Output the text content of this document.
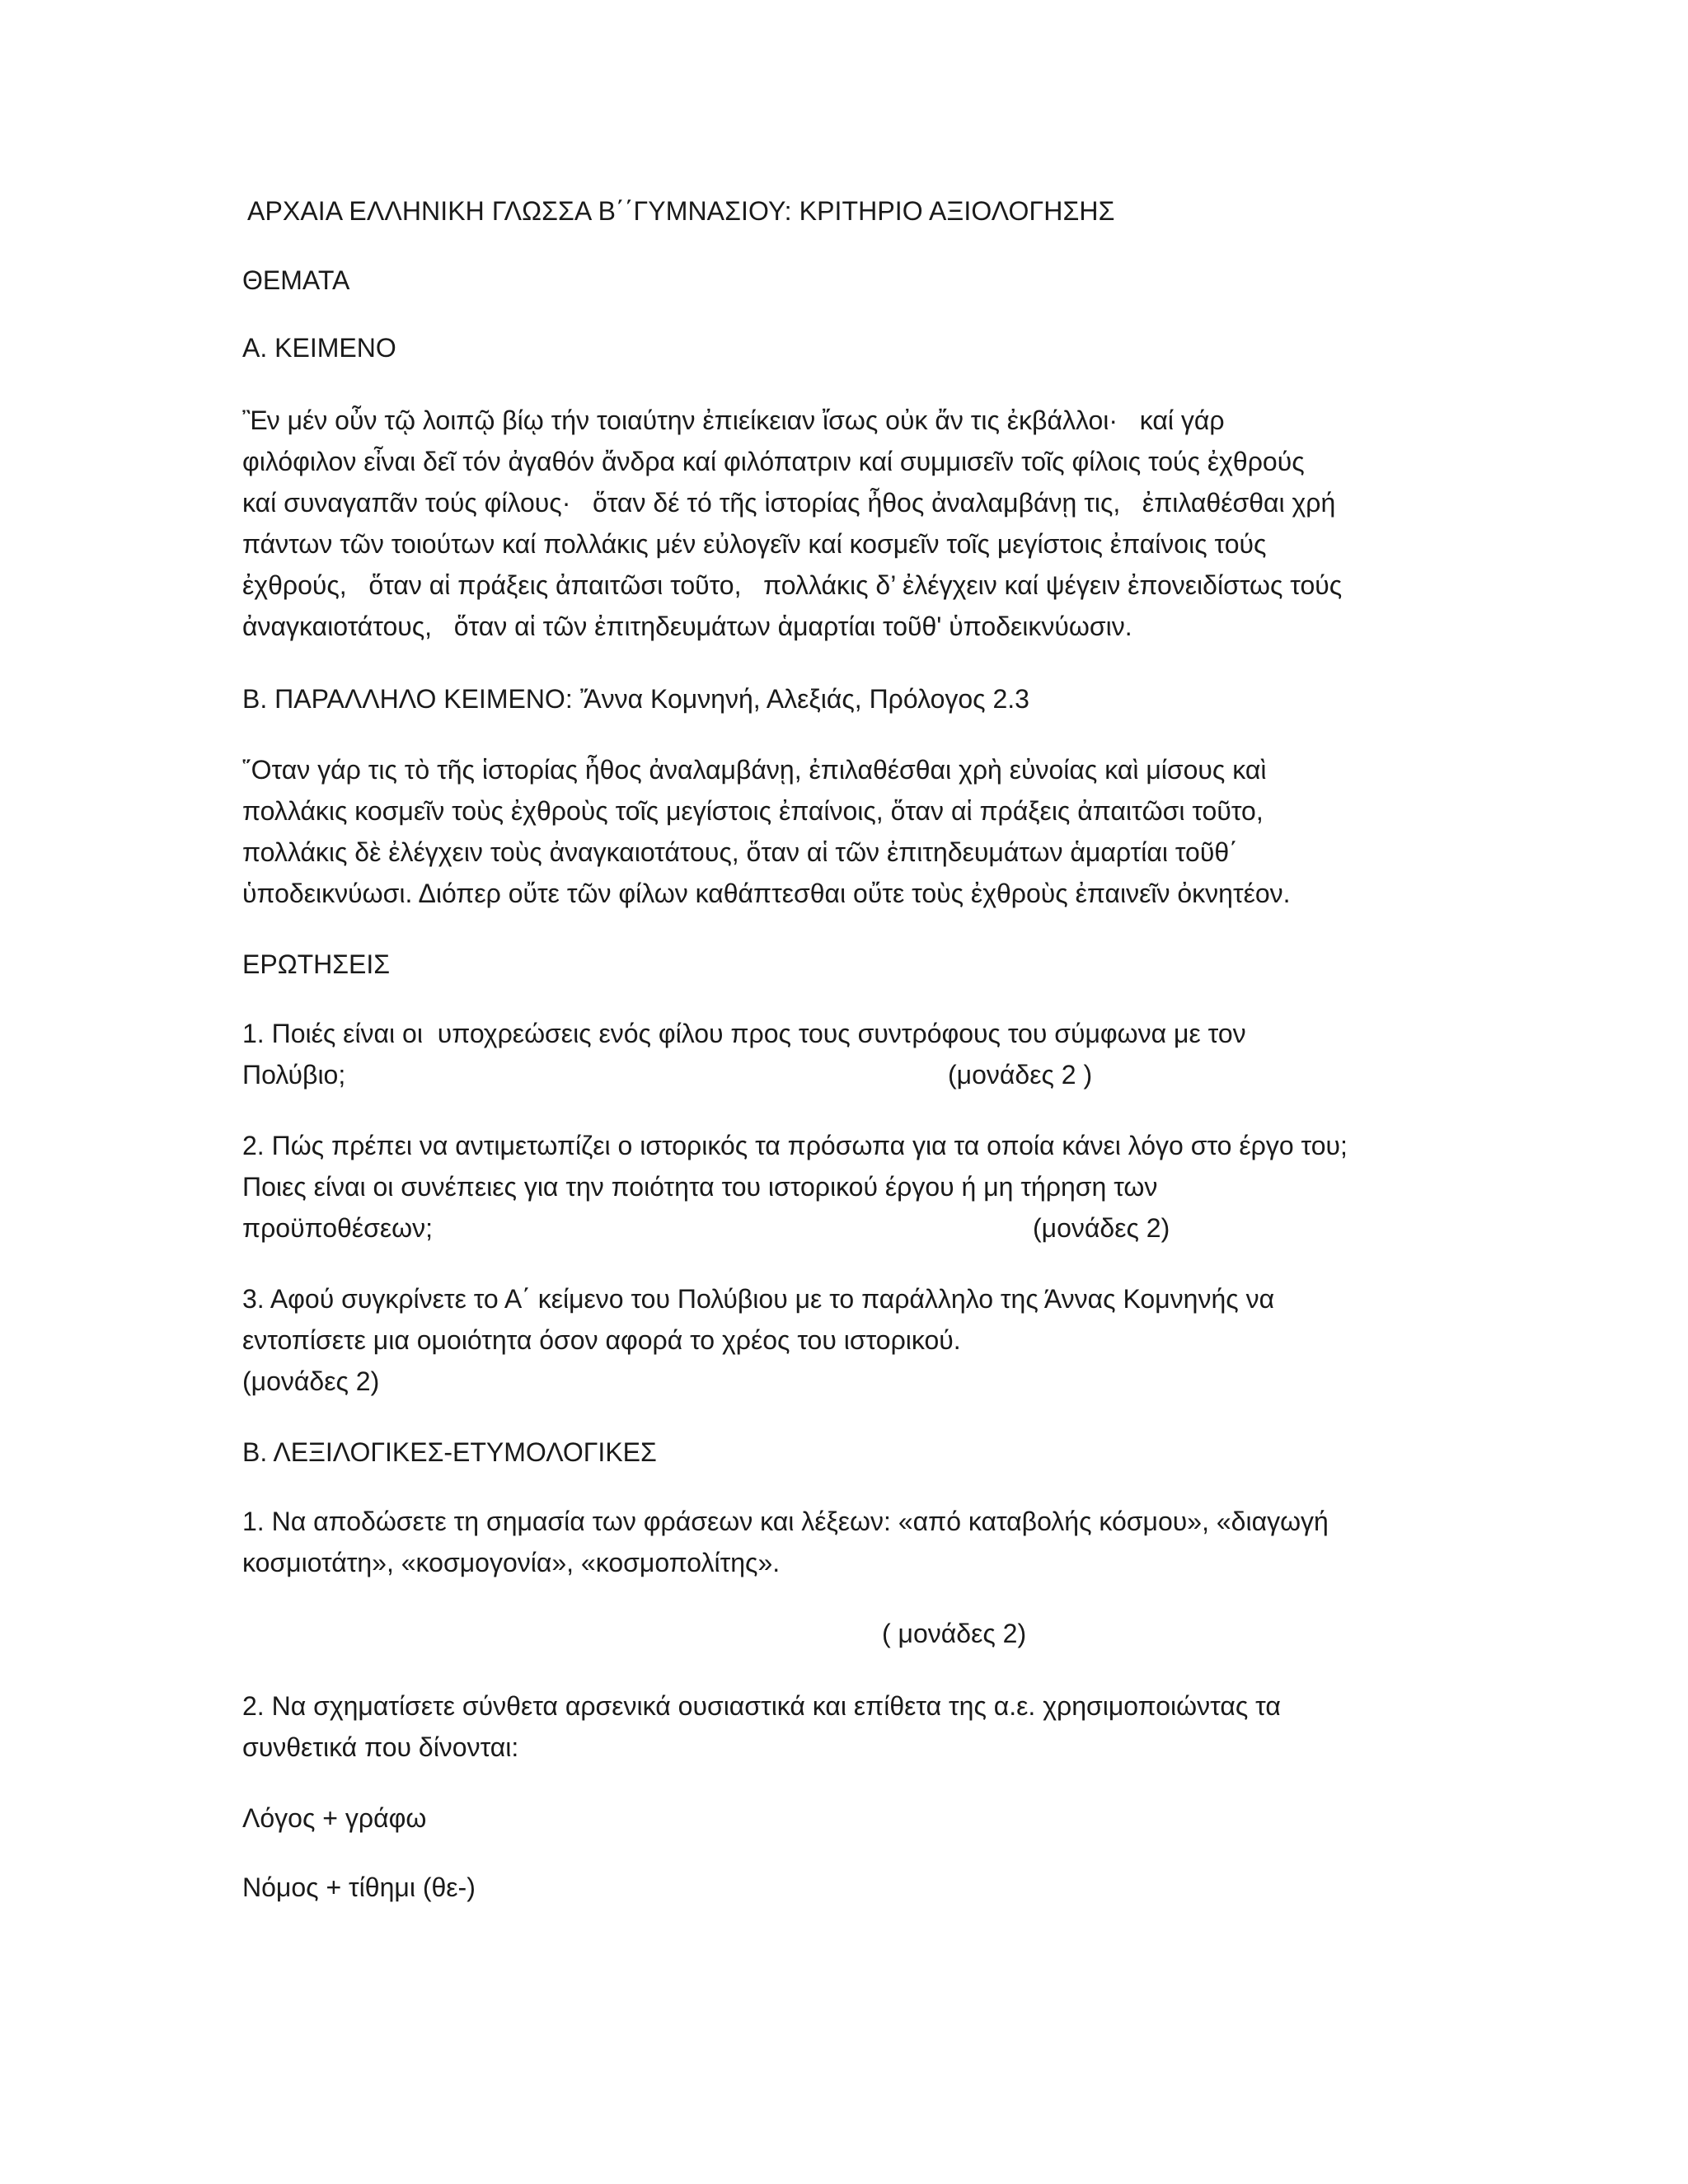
ΑΡΧΑΙΑ ΕΛΛΗΝΙΚΗ ΓΛΩΣΣΑ Β΄΄ΓΥΜΝΑΣΙΟΥ: ΚΡΙΤΗΡΙΟ ΑΞΙΟΛΟΓΗΣΗΣ
ΘΕΜΑΤΑ
Α. ΚΕΙΜΕΝΟ
Ἒν μέν οὖν τῷ λοιπῷ βίῳ τήν τοιαύτην ἐπιείκειαν ἴσως οὐκ ἄν τις ἐκβάλλοι·   καί γάρ
φιλόφιλον εἶναι δεῖ τόν ἀγαθόν ἄνδρα καί φιλόπατριν καί συμμισεῖν τοῖς φίλοις τούς ἐχθρούς
καί συναγαπᾶν τούς φίλους·   ὅταν δέ τό τῆς ἱστορίας ἦθος ἀναλαμβάνῃ τις,   ἐπιλαθέσθαι χρή
πάντων τῶν τοιούτων καί πολλάκις μέν εὐλογεῖν καί κοσμεῖν τοῖς μεγίστοις ἐπαίνοις τούς
ἐχθρούς,   ὅταν αἱ πράξεις ἀπαιτῶσι τοῦτο,   πολλάκις δ’ ἐλέγχειν καί ψέγειν ἐπονειδίστως τούς
ἀναγκαιοτάτους,   ὅταν αἱ τῶν ἐπιτηδευμάτων ἁμαρτίαι τοῦθ' ὑποδεικνύωσιν.
Β. ΠΑΡΑΛΛΗΛΟ ΚΕΙΜΕΝΟ: Ἄννα Κομνηνή, Αλεξιάς, Πρόλογος 2.3
῞Οταν γάρ τις τὸ τῆς ἱστορίας ἦθος ἀναλαμβάνῃ, ἐπιλαθέσθαι χρὴ εὐνοίας καὶ μίσους καὶ
πολλάκις κοσμεῖν τοὺς ἐχθροὺς τοῖς μεγίστοις ἐπαίνοις, ὅταν αἱ πράξεις ἀπαιτῶσι τοῦτο,
πολλάκις δὲ ἐλέγχειν τοὺς ἀναγκαιοτάτους, ὅταν αἱ τῶν ἐπιτηδευμάτων ἁμαρτίαι τοῦθ΄
ὑποδεικνύωσι. Διόπερ οὔτε τῶν φίλων καθάπτεσθαι οὔτε τοὺς ἐχθροὺς ἐπαινεῖν ὀκνητέον.
ΕΡΩΤΗΣΕΙΣ
1. Ποιές είναι οι  υποχρεώσεις ενός φίλου προς τους συντρόφους του σύμφωνα με τον
Πολύβιο;	(μονάδες 2 )
2. Πώς πρέπει να αντιμετωπίζει ο ιστορικός τα πρόσωπα για τα οποία κάνει λόγο στο έργο του;
Ποιες είναι οι συνέπειες για την ποιότητα του ιστορικού έργου ή μη τήρηση των
προϋποθέσεων;	(μονάδες 2)
3. Αφού συγκρίνετε το Α΄ κείμενο του Πολύβιου με το παράλληλο της Άννας Κομνηνής να
εντοπίσετε μια ομοιότητα όσον αφορά το χρέος του ιστορικού.
(μονάδες 2)
Β. ΛΕΞΙΛΟΓΙΚΕΣ-ΕΤΥΜΟΛΟΓΙΚΕΣ
1. Να αποδώσετε τη σημασία των φράσεων και λέξεων: «από καταβολής κόσμου», «διαγωγή
κοσμιοτάτη», «κοσμογονία», «κοσμοπολίτης».
( μονάδες 2)
2. Να σχηματίσετε σύνθετα αρσενικά ουσιαστικά και επίθετα της α.ε. χρησιμοποιώντας τα
συνθετικά που δίνονται:
Λόγος + γράφω
Νόμος + τίθημι (θε-)
